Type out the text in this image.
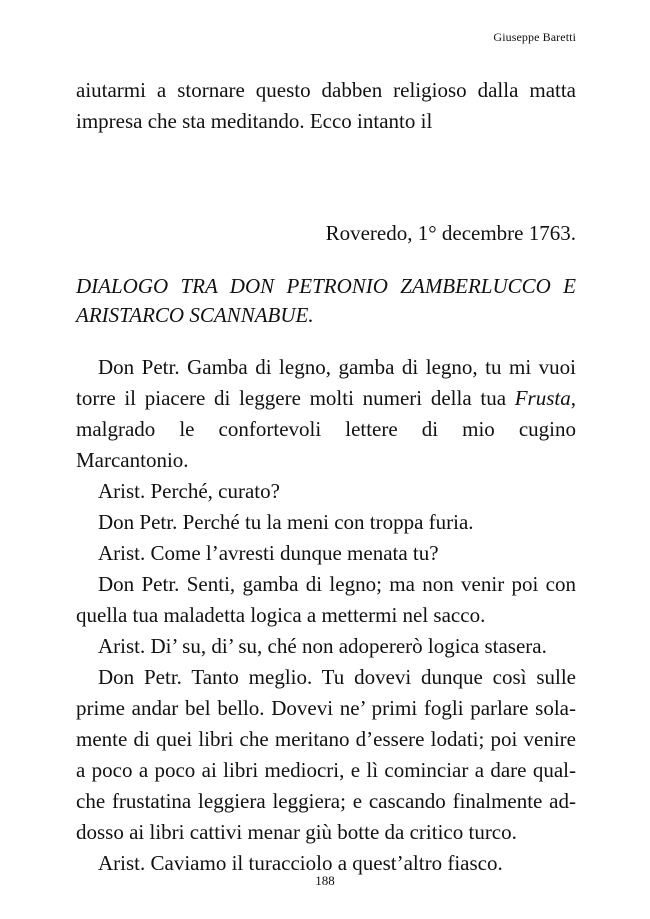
Giuseppe Baretti
aiutarmi a stornare questo dabben religioso dalla matta
impresa che sta meditando. Ecco intanto il
Roveredo, 1° decembre 1763.
DIALOGO TRA DON PETRONIO ZAMBERLUCCO E
ARISTARCO SCANNABUE.
Don Petr. Gamba di legno, gamba di legno, tu mi vuoi
torre il piacere di leggere molti numeri della tua Frusta,
malgrado le confortevoli lettere di mio cugino
Marcantonio.
Arist. Perché, curato?
Don Petr. Perché tu la meni con troppa furia.
Arist. Come l’avresti dunque menata tu?
Don Petr. Senti, gamba di legno; ma non venir poi con
quella tua maladetta logica a mettermi nel sacco.
Arist. Di’ su, di’ su, ché non adopererò logica stasera.
Don Petr. Tanto meglio. Tu dovevi dunque così sulle
prime andar bel bello. Dovevi ne’ primi fogli parlare sola-
mente di quei libri che meritano d’essere lodati; poi venire
a poco a poco ai libri mediocri, e lì cominciar a dare qual-
che frustatina leggiera leggiera; e cascando finalmente ad-
dosso ai libri cattivi menar giù botte da critico turco.
Arist. Caviamo il turacciolo a quest’altro fiasco.
188
